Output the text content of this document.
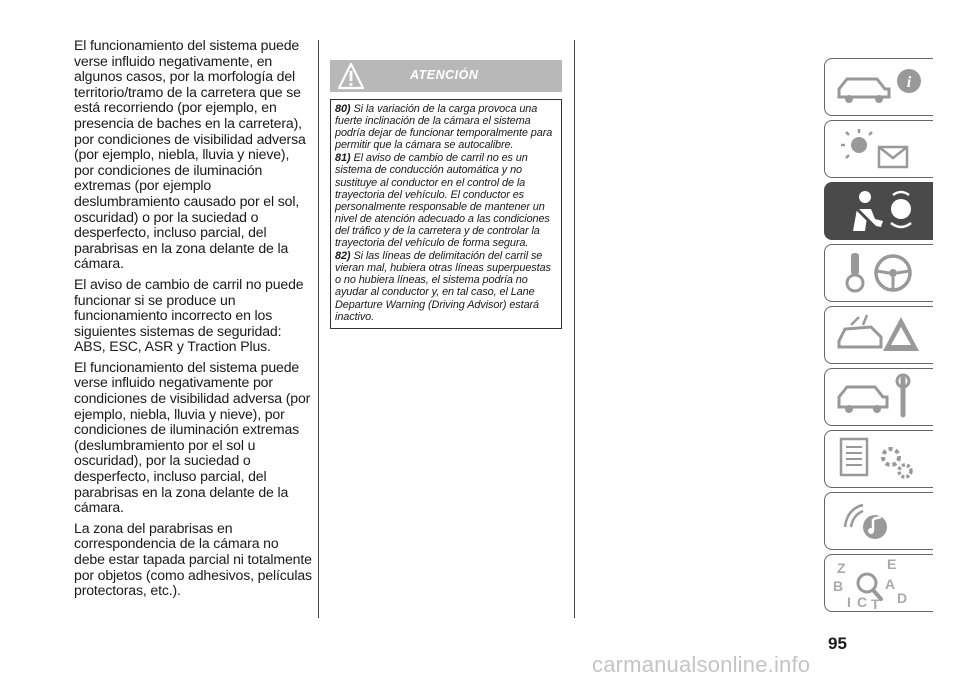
El funcionamiento del sistema puede verse influido negativamente, en algunos casos, por la morfología del territorio/tramo de la carretera que se está recorriendo (por ejemplo, en presencia de baches en la carretera), por condiciones de visibilidad adversa (por ejemplo, niebla, lluvia y nieve), por condiciones de iluminación extremas (por ejemplo deslumbramiento causado por el sol, oscuridad) o por la suciedad o desperfecto, incluso parcial, del parabrisas en la zona delante de la cámara.

El aviso de cambio de carril no puede funcionar si se produce un funcionamiento incorrecto en los siguientes sistemas de seguridad: ABS, ESC, ASR y Traction Plus.

El funcionamiento del sistema puede verse influido negativamente por condiciones de visibilidad adversa (por ejemplo, niebla, lluvia y nieve), por condiciones de iluminación extremas (deslumbramiento por el sol u oscuridad), por la suciedad o desperfecto, incluso parcial, del parabrisas en la zona delante de la cámara.

La zona del parabrisas en correspondencia de la cámara no debe estar tapada parcial ni totalmente por objetos (como adhesivos, películas protectoras, etc.).

ATENCIÓN

80) Si la variación de la carga provoca una fuerte inclinación de la cámara el sistema podría dejar de funcionar temporalmente para permitir que la cámara se autocalibre.

81) El aviso de cambio de carril no es un sistema de conducción automática y no sustituye al conductor en el control de la trayectoria del vehículo. El conductor es personalmente responsable de mantener un nivel de atención adecuado a las condiciones del tráfico y de la carretera y de controlar la trayectoria del vehículo de forma segura.

82) Si las líneas de delimitación del carril se vieran mal, hubiera otras líneas superpuestas o no hubiera líneas, el sistema podría no ayudar al conductor y, en tal caso, el Lane Departure Warning (Driving Advisor) estará inactivo.

i
Z	E
B	A
I C T D
95
carmanualsonline.info
